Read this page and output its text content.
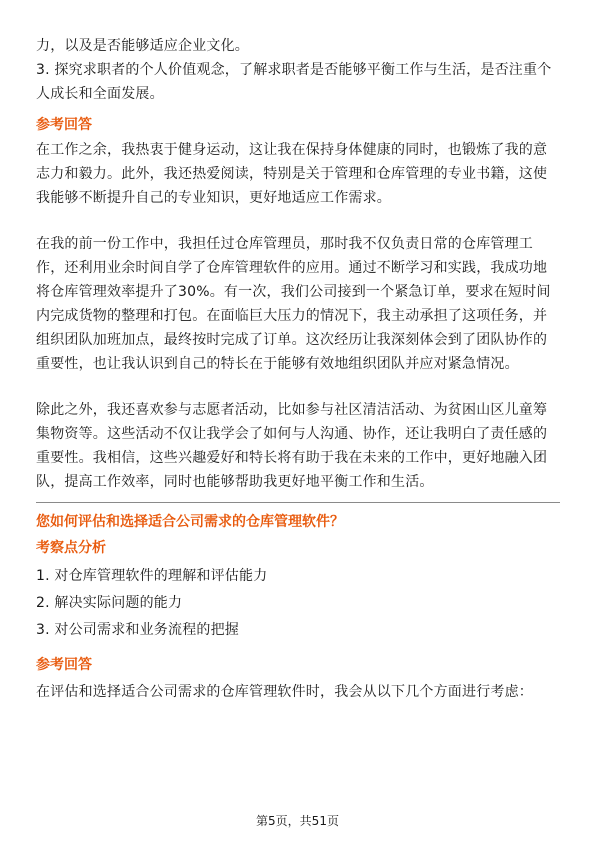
力，以及是否能够适应企业文化。
3. 探究求职者的个人价值观念，了解求职者是否能够平衡工作与生活，是否注重个
人成长和全面发展。
参考回答
在工作之余，我热衷于健身运动，这让我在保持身体健康的同时，也锻炼了我的意
志力和毅力。此外，我还热爱阅读，特别是关于管理和仓库管理的专业书籍，这使
我能够不断提升自己的专业知识，更好地适应工作需求。
在我的前一份工作中，我担任过仓库管理员，那时我不仅负责日常的仓库管理工
作，还利用业余时间自学了仓库管理软件的应用。通过不断学习和实践，我成功地
将仓库管理效率提升了30%。有一次，我们公司接到一个紧急订单，要求在短时间
内完成货物的整理和打包。在面临巨大压力的情况下，我主动承担了这项任务，并
组织团队加班加点，最终按时完成了订单。这次经历让我深刻体会到了团队协作的
重要性，也让我认识到自己的特长在于能够有效地组织团队并应对紧急情况。
除此之外，我还喜欢参与志愿者活动，比如参与社区清洁活动、为贫困山区儿童筹
集物资等。这些活动不仅让我学会了如何与人沟通、协作，还让我明白了责任感的
重要性。我相信，这些兴趣爱好和特长将有助于我在未来的工作中，更好地融入团
队，提高工作效率，同时也能够帮助我更好地平衡工作和生活。
您如何评估和选择适合公司需求的仓库管理软件？
考察点分析
1. 对仓库管理软件的理解和评估能力
2. 解决实际问题的能力
3. 对公司需求和业务流程的把握
参考回答
在评估和选择适合公司需求的仓库管理软件时，我会从以下几个方面进行考虑：
第5页，共51页
